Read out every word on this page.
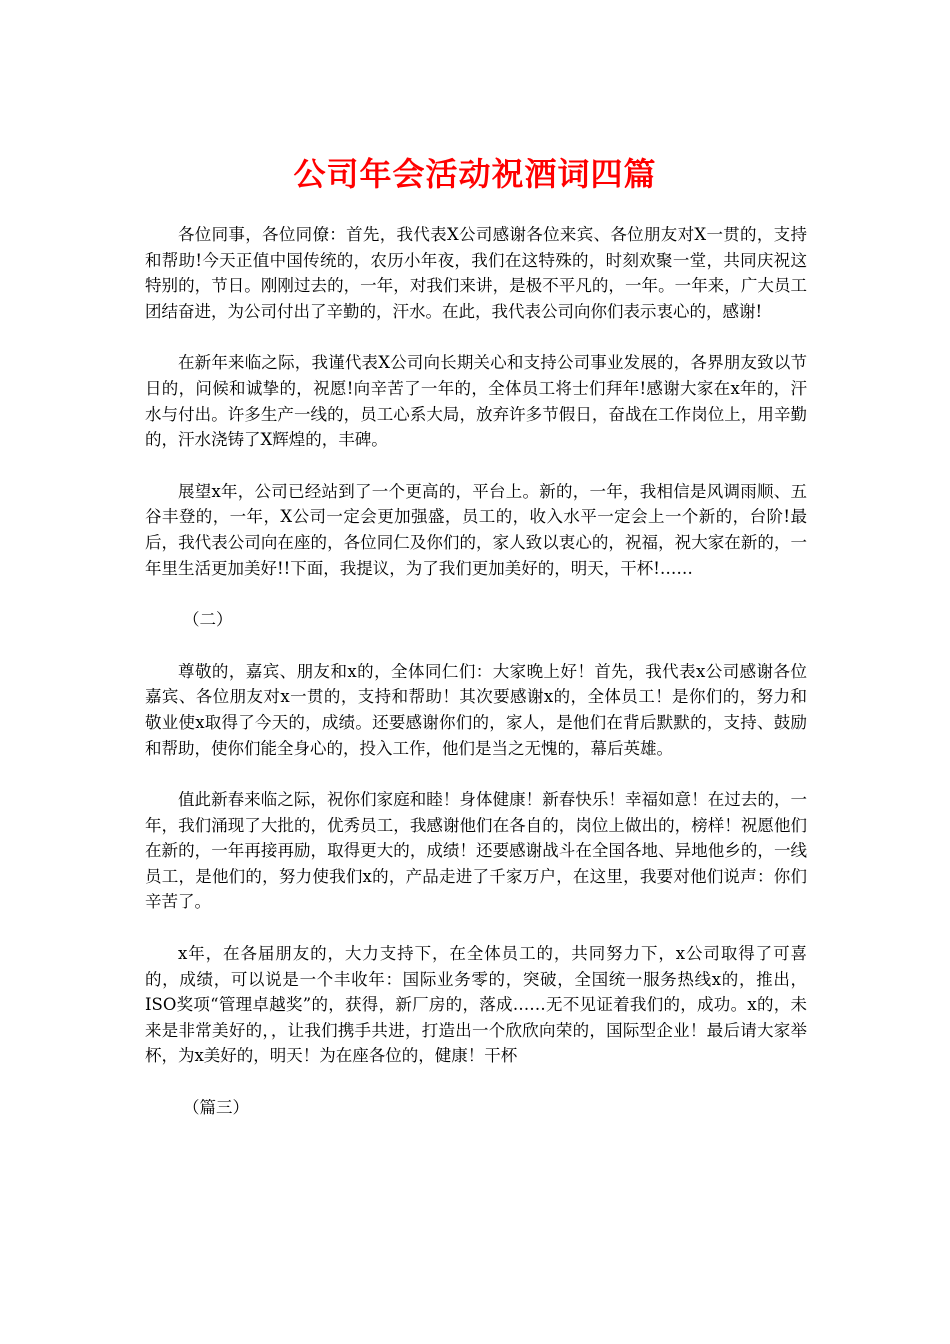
公司年会活动祝酒词四篇

各位同事，各位同僚：首先，我代表X公司感谢各位来宾、各位朋友对X一贯的，支持和帮助!今天正值中国传统的，农历小年夜，我们在这特殊的，时刻欢聚一堂，共同庆祝这特别的，节日。刚刚过去的，一年，对我们来讲，是极不平凡的，一年。一年来，广大员工团结奋进，为公司付出了辛勤的，汗水。在此，我代表公司向你们表示衷心的，感谢!

在新年来临之际，我谨代表X公司向长期关心和支持公司事业发展的，各界朋友致以节日的，问候和诚挚的，祝愿!向辛苦了一年的，全体员工将士们拜年!感谢大家在x年的，汗水与付出。许多生产一线的，员工心系大局，放弃许多节假日，奋战在工作岗位上，用辛勤的，汗水浇铸了X辉煌的，丰碑。

展望x年，公司已经站到了一个更高的，平台上。新的，一年，我相信是风调雨顺、五谷丰登的，一年，X公司一定会更加强盛，员工的，收入水平一定会上一个新的，台阶!最后，我代表公司向在座的，各位同仁及你们的，家人致以衷心的，祝福，祝大家在新的，一年里生活更加美好!!下面，我提议，为了我们更加美好的，明天，干杯!……

（二）

尊敬的，嘉宾、朋友和x的，全体同仁们：大家晚上好！首先，我代表x公司感谢各位嘉宾、各位朋友对x一贯的，支持和帮助！其次要感谢x的，全体员工！是你们的，努力和敬业使x取得了今天的，成绩。还要感谢你们的，家人，是他们在背后默默的，支持、鼓励和帮助，使你们能全身心的，投入工作，他们是当之无愧的，幕后英雄。

值此新春来临之际，祝你们家庭和睦！身体健康！新春快乐！幸福如意！在过去的，一年，我们涌现了大批的，优秀员工，我感谢他们在各自的，岗位上做出的，榜样！祝愿他们在新的，一年再接再励，取得更大的，成绩！还要感谢战斗在全国各地、异地他乡的，一线员工，是他们的，努力使我们x的，产品走进了千家万户，在这里，我要对他们说声：你们辛苦了。

x年，在各届朋友的，大力支持下，在全体员工的，共同努力下，x公司取得了可喜的，成绩，可以说是一个丰收年：国际业务零的，突破，全国统一服务热线x的，推出，ISO奖项“管理卓越奖”的，获得，新厂房的，落成……无不见证着我们的，成功。x的，未来是非常美好的，，让我们携手共进，打造出一个欣欣向荣的，国际型企业！最后请大家举杯，为x美好的，明天！为在座各位的，健康！干杯

（篇三）
